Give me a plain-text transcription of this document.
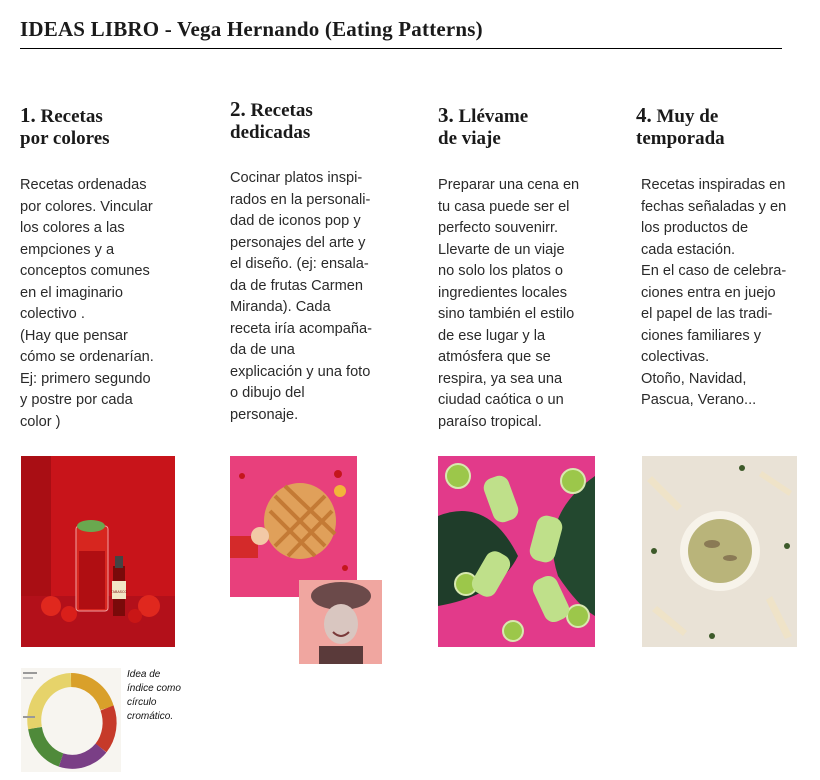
IDEAS LIBRO - Vega Hernando (Eating Patterns)
1. Recetas
por colores

Recetas ordenadas
por colores. Vincular
los colores a las
empciones y a
conceptos comunes
en el imaginario
colectivo .
(Hay que pensar
cómo se ordenarían.
Ej: primero segundo
y postre por cada
color )

2. Recetas
dedicadas

Cocinar platos inspi-
rados en la personali-
dad de iconos pop y
personajes del arte y
el diseño. (ej: ensala-
da de frutas Carmen
Miranda). Cada
receta iría acompaña-
da de una
explicación y una foto
o dibujo del
personaje.

3. Llévame
de viaje

Preparar una cena en
tu casa puede ser el
perfecto souvenirr.
Llevarte de un viaje
no solo los platos o
ingredientes locales
sino también el estilo
de ese lugar y la
atmósfera que se
respira, ya sea una
ciudad caótica o un
paraíso tropical.

4. Muy de
temporada

Recetas inspiradas en
fechas señaladas y en
los productos de
cada estación.
En el caso de celebra-
ciones entra en juejo
el papel de las tradi-
ciones familiares y
colectivas.
Otoño, Navidad,
Pascua, Verano...

TABASCO
Idea de
índice como
círculo
cromático.
